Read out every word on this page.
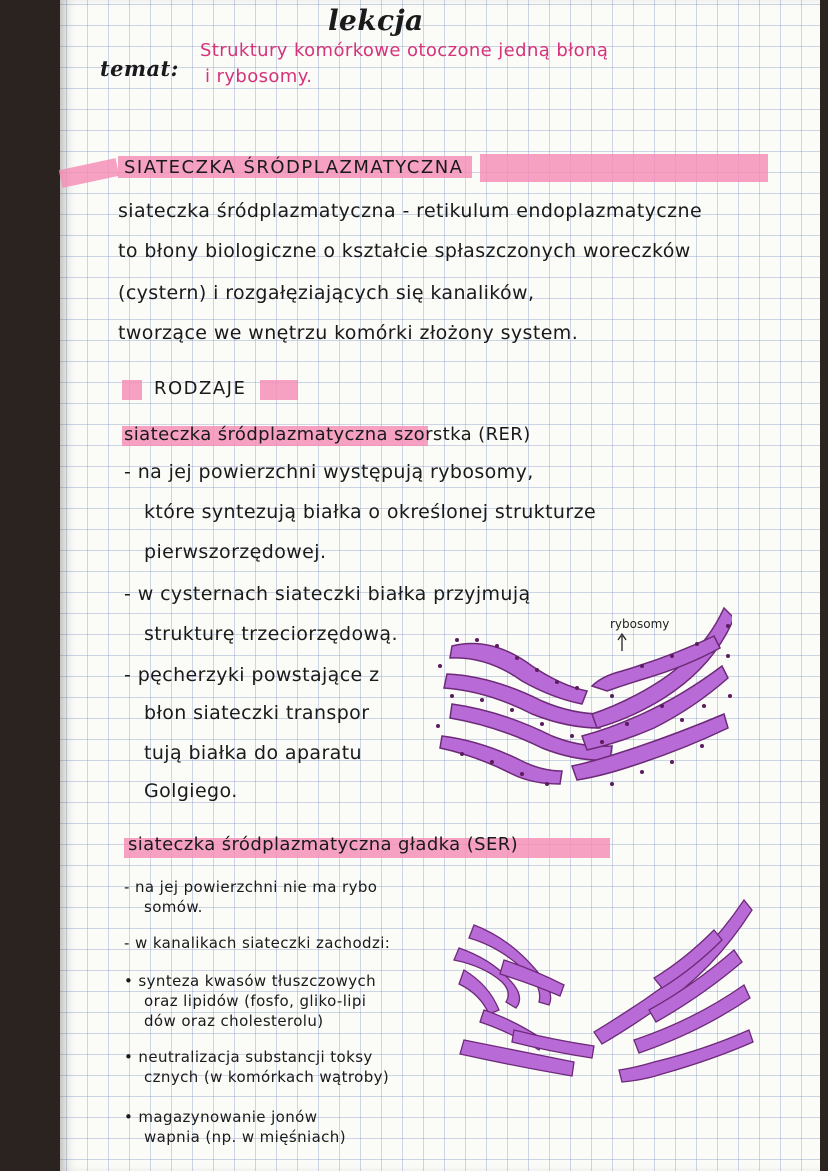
lekcja
temat:
Struktury komórkowe otoczone jedną błoną
i rybosomy.
SIATECZKA ŚRÓDPLAZMATYCZNA
siateczka śródplazmatyczna - retikulum endoplazmatyczne
to błony biologiczne o kształcie spłaszczonych woreczków
(cystern) i rozgałęziających się kanalików,
tworzące we wnętrzu komórki złożony system.
RODZAJE
siateczka śródplazmatyczna szorstka (RER)
- na jej powierzchni występują rybosomy,
które syntezują białka o określonej strukturze
pierwszorzędowej.
- w cysternach siateczki białka przyjmują
strukturę trzeciorzędową.
- pęcherzyki powstające z
błon siateczki transpor
tują białka do aparatu
Golgiego.
rybosomy
siateczka śródplazmatyczna gładka (SER)
- na jej powierzchni nie ma rybo
somów.
- w kanalikach siateczki zachodzi:
• synteza kwasów tłuszczowych
oraz lipidów (fosfo, gliko-lipi
dów oraz cholesterolu)
• neutralizacja substancji toksy
cznych (w komórkach wątroby)
• magazynowanie jonów
wapnia (np. w mięśniach)
